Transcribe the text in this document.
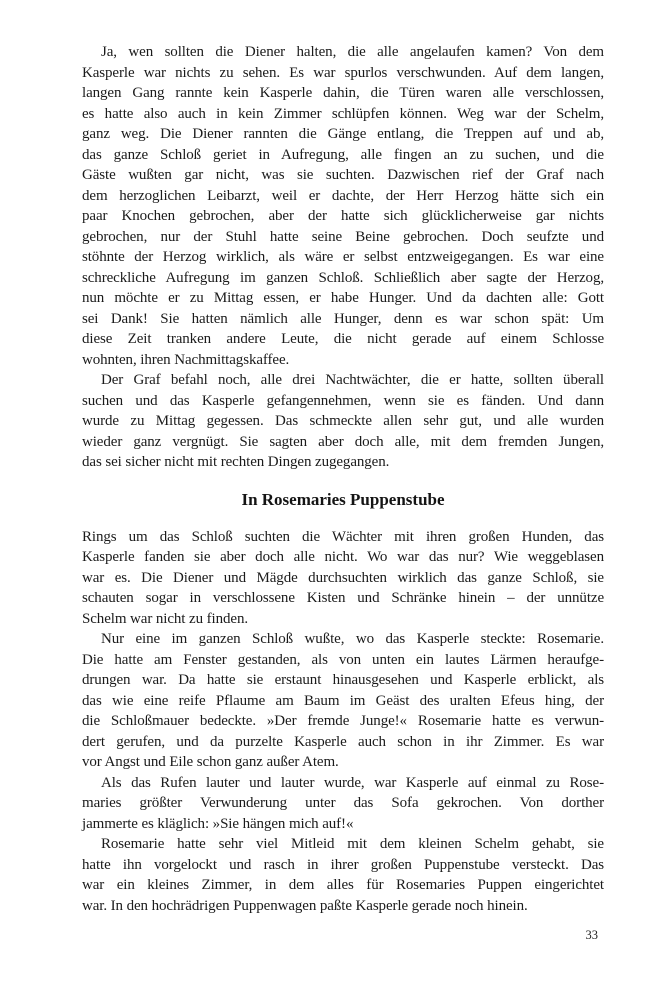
Ja, wen sollten die Diener halten, die alle angelaufen kamen? Von dem
Kasperle war nichts zu sehen. Es war spurlos verschwunden. Auf dem langen,
langen Gang rannte kein Kasperle dahin, die Türen waren alle verschlossen,
es hatte also auch in kein Zimmer schlüpfen können. Weg war der Schelm,
ganz weg. Die Diener rannten die Gänge entlang, die Treppen auf und ab,
das ganze Schloß geriet in Aufregung, alle fingen an zu suchen, und die
Gäste wußten gar nicht, was sie suchten. Dazwischen rief der Graf nach
dem herzoglichen Leibarzt, weil er dachte, der Herr Herzog hätte sich ein
paar Knochen gebrochen, aber der hatte sich glücklicherweise gar nichts
gebrochen, nur der Stuhl hatte seine Beine gebrochen. Doch seufzte und
stöhnte der Herzog wirklich, als wäre er selbst entzweigegangen. Es war eine
schreckliche Aufregung im ganzen Schloß. Schließlich aber sagte der Herzog,
nun möchte er zu Mittag essen, er habe Hunger. Und da dachten alle: Gott
sei Dank! Sie hatten nämlich alle Hunger, denn es war schon spät: Um
diese Zeit tranken andere Leute, die nicht gerade auf einem Schlosse
wohnten, ihren Nachmittagskaffee.
Der Graf befahl noch, alle drei Nachtwächter, die er hatte, sollten überall
suchen und das Kasperle gefangennehmen, wenn sie es fänden. Und dann
wurde zu Mittag gegessen. Das schmeckte allen sehr gut, und alle wurden
wieder ganz vergnügt. Sie sagten aber doch alle, mit dem fremden Jungen,
das sei sicher nicht mit rechten Dingen zugegangen.
In Rosemaries Puppenstube
Rings um das Schloß suchten die Wächter mit ihren großen Hunden, das
Kasperle fanden sie aber doch alle nicht. Wo war das nur? Wie weggeblasen
war es. Die Diener und Mägde durchsuchten wirklich das ganze Schloß, sie
schauten sogar in verschlossene Kisten und Schränke hinein – der unnütze
Schelm war nicht zu finden.
Nur eine im ganzen Schloß wußte, wo das Kasperle steckte: Rosemarie.
Die hatte am Fenster gestanden, als von unten ein lautes Lärmen heraufge-
drungen war. Da hatte sie erstaunt hinausgesehen und Kasperle erblickt, als
das wie eine reife Pflaume am Baum im Geäst des uralten Efeus hing, der
die Schloßmauer bedeckte. »Der fremde Junge!« Rosemarie hatte es verwun-
dert gerufen, und da purzelte Kasperle auch schon in ihr Zimmer. Es war
vor Angst und Eile schon ganz außer Atem.
Als das Rufen lauter und lauter wurde, war Kasperle auf einmal zu Rose-
maries größter Verwunderung unter das Sofa gekrochen. Von dorther
jammerte es kläglich: »Sie hängen mich auf!«
Rosemarie hatte sehr viel Mitleid mit dem kleinen Schelm gehabt, sie
hatte ihn vorgelockt und rasch in ihrer großen Puppenstube versteckt. Das
war ein kleines Zimmer, in dem alles für Rosemaries Puppen eingerichtet
war. In den hochrädrigen Puppenwagen paßte Kasperle gerade noch hinein.
33
